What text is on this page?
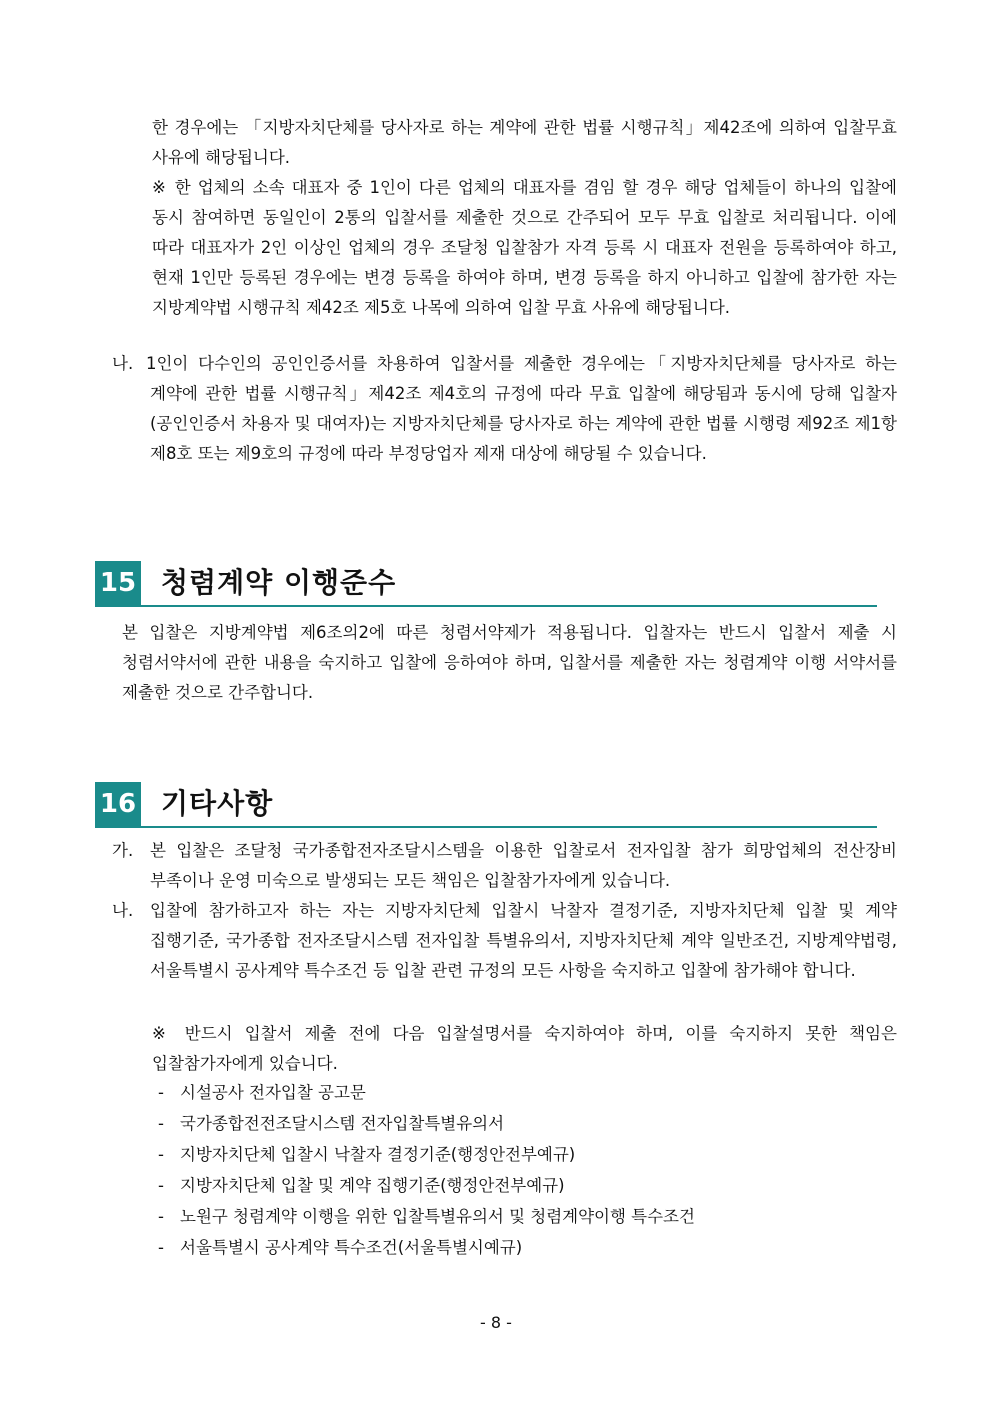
한 경우에는 「지방자치단체를 당사자로 하는 계약에 관한 법률 시행규칙」제42조에 의하여 입찰무효 사유에 해당됩니다.
※ 한 업체의 소속 대표자 중 1인이 다른 업체의 대표자를 겸임 할 경우 해당 업체들이 하나의 입찰에 동시 참여하면 동일인이 2통의 입찰서를 제출한 것으로 간주되어 모두 무효 입찰로 처리됩니다. 이에 따라 대표자가 2인 이상인 업체의 경우 조달청 입찰참가 자격 등록 시 대표자 전원을 등록하여야 하고, 현재 1인만 등록된 경우에는 변경 등록을 하여야 하며, 변경 등록을 하지 아니하고 입찰에 참가한 자는 지방계약법 시행규칙 제42조 제5호 나목에 의하여 입찰 무효 사유에 해당됩니다.
나. 1인이 다수인의 공인인증서를 차용하여 입찰서를 제출한 경우에는「지방자치단체를 당사자로 하는 계약에 관한 법률 시행규칙」제42조 제4호의 규정에 따라 무효 입찰에 해당됨과 동시에 당해 입찰자(공인인증서 차용자 및 대여자)는 지방자치단체를 당사자로 하는 계약에 관한 법률 시행령 제92조 제1항 제8호 또는 제9호의 규정에 따라 부정당업자 제재 대상에 해당될 수 있습니다.
15 청렴계약 이행준수
본 입찰은 지방계약법 제6조의2에 따른 청렴서약제가 적용됩니다. 입찰자는 반드시 입찰서 제출 시 청렴서약서에 관한 내용을 숙지하고 입찰에 응하여야 하며, 입찰서를 제출한 자는 청렴계약 이행 서약서를 제출한 것으로 간주합니다.
16 기타사항
가. 본 입찰은 조달청 국가종합전자조달시스템을 이용한 입찰로서 전자입찰 참가 희망업체의 전산장비 부족이나 운영 미숙으로 발생되는 모든 책임은 입찰참가자에게 있습니다.
나. 입찰에 참가하고자 하는 자는 지방자치단체 입찰시 낙찰자 결정기준, 지방자치단체 입찰 및 계약 집행기준, 국가종합 전자조달시스템 전자입찰 특별유의서, 지방자치단체 계약 일반조건, 지방계약법령, 서울특별시 공사계약 특수조건 등 입찰 관련 규정의 모든 사항을 숙지하고 입찰에 참가해야 합니다.
※ 반드시 입찰서 제출 전에 다음 입찰설명서를 숙지하여야 하며, 이를 숙지하지 못한 책임은 입찰참가자에게 있습니다.
- 시설공사 전자입찰 공고문
- 국가종합전전조달시스템 전자입찰특별유의서
- 지방자치단체 입찰시 낙찰자 결정기준(행정안전부예규)
- 지방자치단체 입찰 및 계약 집행기준(행정안전부예규)
- 노원구 청렴계약 이행을 위한 입찰특별유의서 및 청렴계약이행 특수조건
- 서울특별시 공사계약 특수조건(서울특별시예규)
- 8 -
